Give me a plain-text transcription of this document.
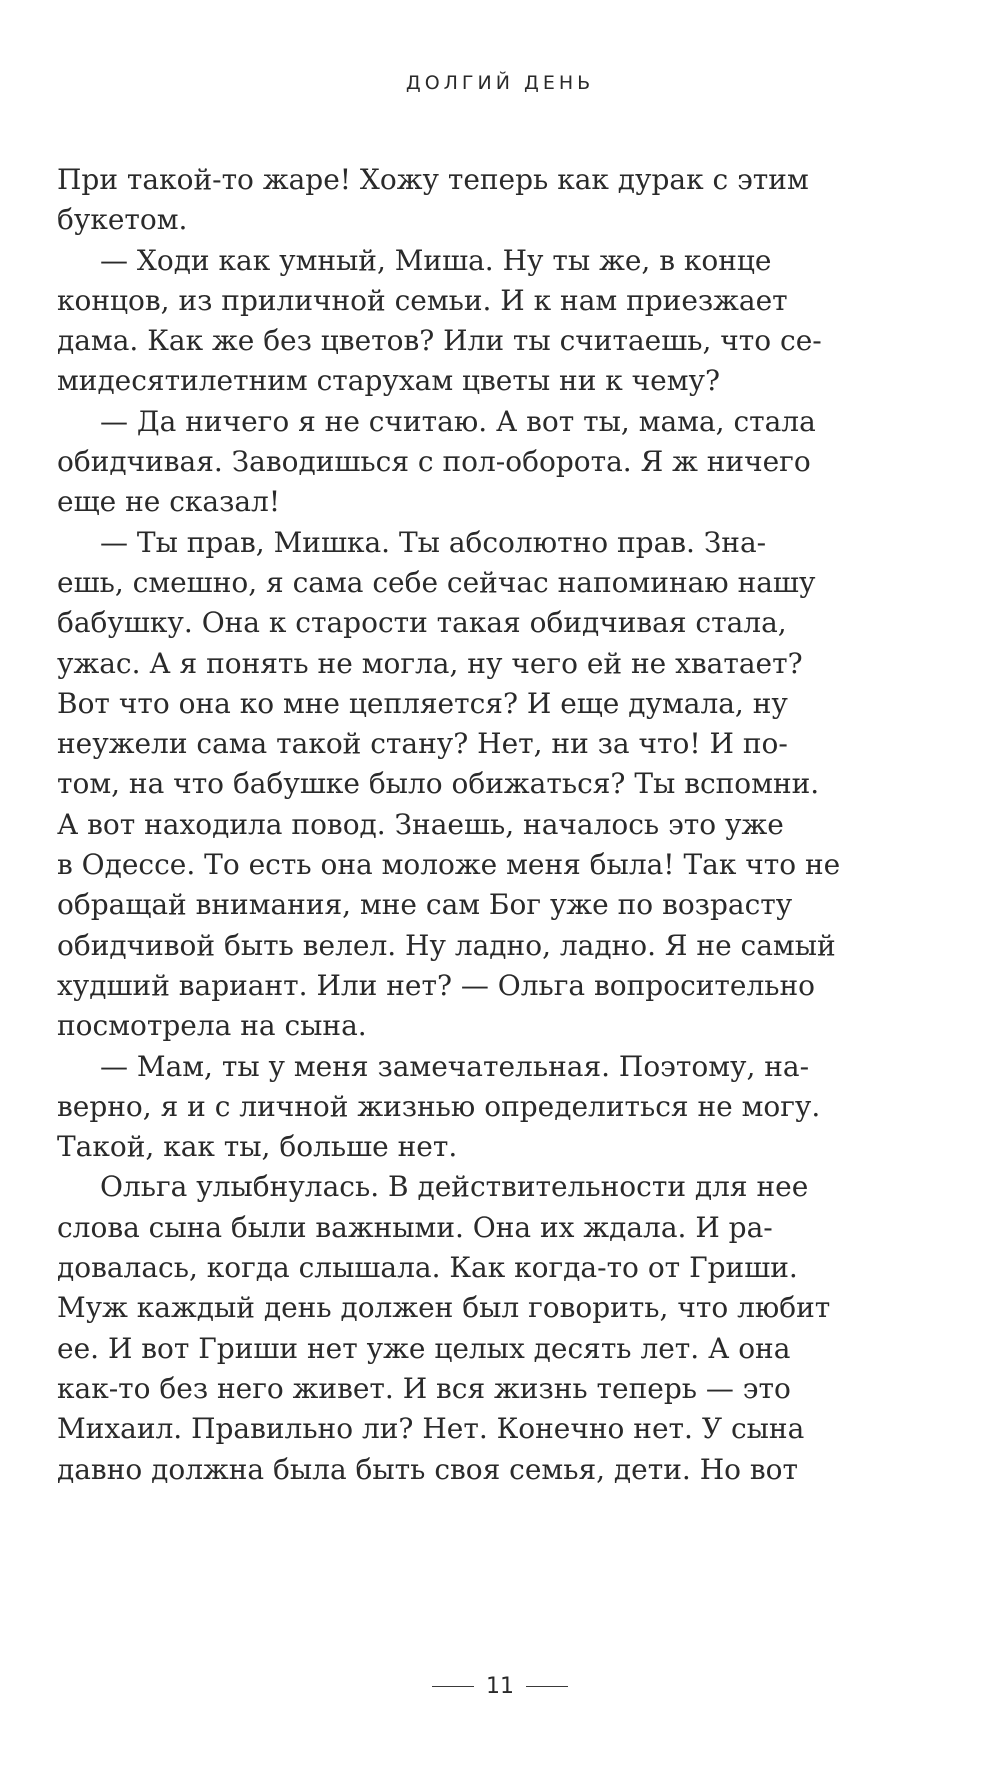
ДОЛГИЙ ДЕНЬ
При такой-то жаре! Хожу теперь как дурак с этим
букетом.
— Ходи как умный, Миша. Ну ты же, в конце
концов, из приличной семьи. И к нам приезжает
дама. Как же без цветов? Или ты считаешь, что се-
мидесятилетним старухам цветы ни к чему?
— Да ничего я не считаю. А вот ты, мама, стала
обидчивая. Заводишься с пол-оборота. Я ж ничего
еще не сказал!
— Ты прав, Мишка. Ты абсолютно прав. Зна-
ешь, смешно, я сама себе сейчас напоминаю нашу
бабушку. Она к старости такая обидчивая стала,
ужас. А я понять не могла, ну чего ей не хватает?
Вот что она ко мне цепляется? И еще думала, ну
неужели сама такой стану? Нет, ни за что! И по-
том, на что бабушке было обижаться? Ты вспомни.
А вот находила повод. Знаешь, началось это уже
в Одессе. То есть она моложе меня была! Так что не
обращай внимания, мне сам Бог уже по возрасту
обидчивой быть велел. Ну ладно, ладно. Я не самый
худший вариант. Или нет? — Ольга вопросительно
посмотрела на сына.
— Мам, ты у меня замечательная. Поэтому, на-
верно, я и с личной жизнью определиться не могу.
Такой, как ты, больше нет.
Ольга улыбнулась. В действительности для нее
слова сына были важными. Она их ждала. И ра-
довалась, когда слышала. Как когда-то от Гриши.
Муж каждый день должен был говорить, что любит
ее. И вот Гриши нет уже целых десять лет. А она
как-то без него живет. И вся жизнь теперь — это
Михаил. Правильно ли? Нет. Конечно нет. У сына
давно должна была быть своя семья, дети. Но вот
11
